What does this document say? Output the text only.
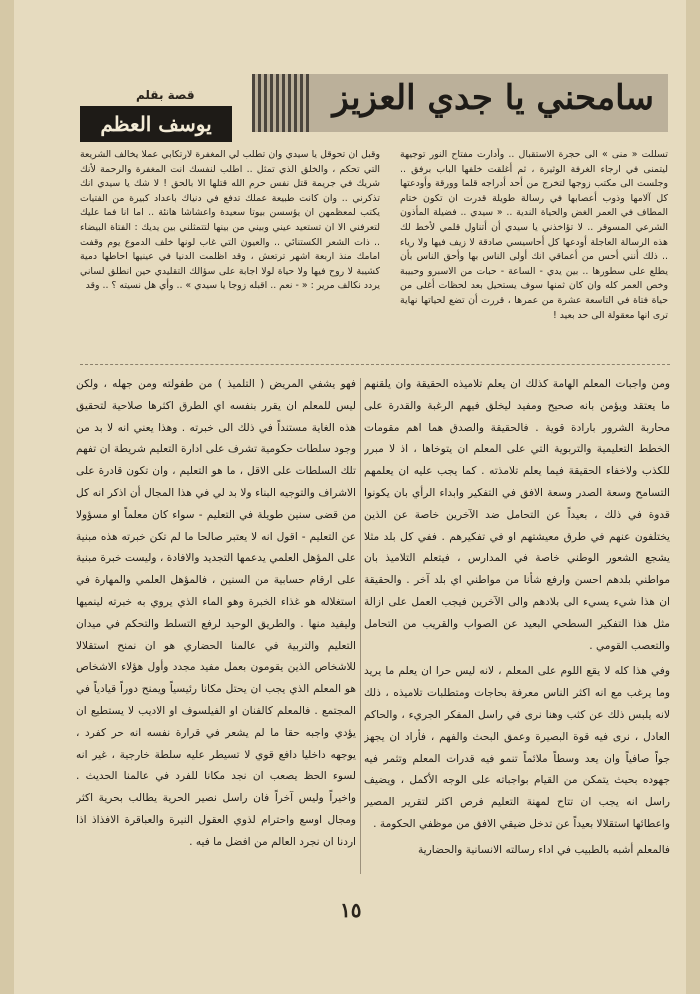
سامحني يا جدي العزيز
قصة بقلم
يوسف العظم

تسللت « منى » الى حجرة الاستقبال .. وأدارت مفتاح النور توجيهة ليتمنى في ارجاء الغرفة الوثيرة ، ثم أغلقت خلفها الباب برفق .. وجلست الى مكتب زوجها لتخرج من أحد أدراجه قلما وورقة وأودعتها كل آلامها وذوب أعصابها في رسالة طويلة قدرت ان تكون ختام المطاف في العمر الغض والحياة الندية .. « سيدي .. فضيلة المأذون الشرعي المسوقر .. لا تؤاخذني يا سيدي أن أتناول قلمي لأخط لك هذه الرسالة العاجلة أودعها كل أحاسيسي صادقة لا زيف فيها ولا رياء .. ذلك أنني أحس من أعماقي انك أولى الناس بها وأحق الناس بأن يطلع على سطورها .. بين يدي - الساعة - حبات من الاسبرو وحبيبة وخص العمر كله وان كان ثمنها سوف يستحيل بعد لحظات أغلى من حياة فتاة في التاسعة عشرة من عمرها ، قررت أن تضع لحياتها نهاية ترى انها معقولة الى حد بعيد !

وقبل ان تحوقل يا سيدي وان تطلب لي المغفرة لارتكابي عملا يخالف الشريعة التي تحكم ، والخلق الذي تمثل .. اطلب لنفسك انت المغفرة والرحمة لأنك شريك في جريمة قتل نفس حرم الله قتلها الا بالحق ! لا شك يا سيدي انك تذكرني .. وان كانت طبيعة عملك تدفع في دنياك باعداد كبيرة من الفتيات يكتب لمعظمهن ان يؤسسن بيوتا سعيدة واعشاشا هانئة .. اما انا فما عليك لتعرفني الا ان تستعيد عيني وبيني من بينها لتتمثلني بين يديك : الفتاة البيضاء .. ذات الشعر الكستنائي .. والعيون التي غاب لونها خلف الدموع يوم وقفت امامك منذ اربعة اشهر ترتعش ، وقد اظلمت الدنيا في عينيها احاطها دمية كشيبة لا روح فيها ولا حياة لولا اجابة على سؤالك التقليدي حين انطلق لساني يردد نكالف مرير : « - نعم .. اقبله زوجا يا سيدي » .. وأي هل نسيته ؟ .. وقد

ومن واجبات المعلم الهامة كذلك ان يعلم تلاميذه الحقيقة وان يلقنهم ما يعتقد ويؤمن بانه صحيح ومفيد ليخلق فيهم الرغبة والقدرة على محاربة الشرور بارادة قوية . فالحقيقة والصدق هما اهم مقومات الخطط التعليمية والتربوية التي على المعلم ان يتوخاها ، اذ لا مبرر للكذب ولاخفاء الحقيقة فيما يعلم تلامذته . كما يجب عليه ان يعلمهم التسامح وسعة الصدر وسعة الافق في التفكير وابداء الرأي بان يكونوا قدوة في ذلك ، بعيداً عن التحامل ضد الآخرين خاصة عن الذين يختلفون عنهم في طرق معيشتهم او في تفكيرهم . ففي كل بلد مثلا يشجع الشعور الوطني خاصة في المدارس ، فيتعلم التلاميذ بان مواطني بلدهم احسن وارفع شأنا من مواطني اي بلد آخر . والحقيقة ان هذا شيء يسيء الى بلادهم والى الآخرين فيجب العمل على ازالة مثل هذا التفكير السطحي البعيد عن الصواب والقريب من التحامل والتعصب القومي .

وفي هذا كله لا يقع اللوم على المعلم ، لانه ليس حرا ان يعلم ما يريد وما يرغب مع انه اكثر الناس معرفة بحاجات ومتطلبات تلاميذه ، ذلك لانه يلبس ذلك عن كثب وهنا نرى في راسل المفكر الجريء ، والحاكم العادل ، نرى فيه قوة البصيرة وعمق البحث والفهم ، فأراد ان يجهز جواً صافياً وان يعد وسطاً ملائماً تنمو فيه قدرات المعلم وتثمر فيه جهوده بحيث يتمكن من القيام بواجباته على الوجه الأكمل ، ويضيف راسل انه يجب ان تتاح لمهنة التعليم فرص اكثر لتقرير المصير واعطائها استقلالا بعيداً عن تدخل ضيقي الافق من موظفي الحكومة .

فالمعلم أشبه بالطبيب في اداء رسالته الانسانية والحضارية

فهو يشفي المريض ( التلميذ ) من طفولته ومن جهله ، ولكن ليس للمعلم ان يقرر بنفسه اي الطرق اكثرها صلاحية لتحقيق هذه الغاية مستنداً في ذلك الى خبرته . وهذا يعني انه لا بد من وجود سلطات حكومية تشرف على ادارة التعليم شريطة ان تفهم تلك السلطات على الاقل ، ما هو التعليم ، وان تكون قادرة على الاشراف والتوجيه البناء ولا بد لي في هذا المجال أن اذكر انه كل من قضى سنين طويلة في التعليم - سواء كان معلماً او مسؤولا عن التعليم - اقول انه لا يعتبر صالحا ما لم تكن خبرته هذه مبنية على المؤهل العلمي يدعمها التجديد والافادة ، وليست خبرة مبنية على ارقام حسابية من السنين ، فالمؤهل العلمي والمهارة في استغلاله هو غذاء الخبرة وهو الماء الذي يروي به خبرته لينميها وليفيد منها . والطريق الوحيد لرفع التسلط والتحكم في ميدان التعليم والتربية في عالمنا الحضاري هو ان نمنح استقلالا للاشخاص الذين يقومون بعمل مفيد مجدد وأول هؤلاء الاشخاص هو المعلم الذي يجب ان يحتل مكانا رئيسياً ويمنح دوراً قيادياً في المجتمع . فالمعلم كالفنان او الفيلسوف او الاديب لا يستطيع ان يؤدي واجبه حقا ما لم يشعر في قرارة نفسه انه حر كفرد ، يوجهه داخليا دافع قوي لا تسيطر عليه سلطة خارجية ، غير انه لسوء الحظ يصعب ان نجد مكانا للفرد في عالمنا الحديث . واخيراً وليس آخراً فان راسل نصير الحرية يطالب بحرية اكثر ومجال اوسع واحترام لذوي العقول النيرة والعباقرة الافذاذ اذا اردنا ان نجرد العالم من افضل ما فيه .

١٥
